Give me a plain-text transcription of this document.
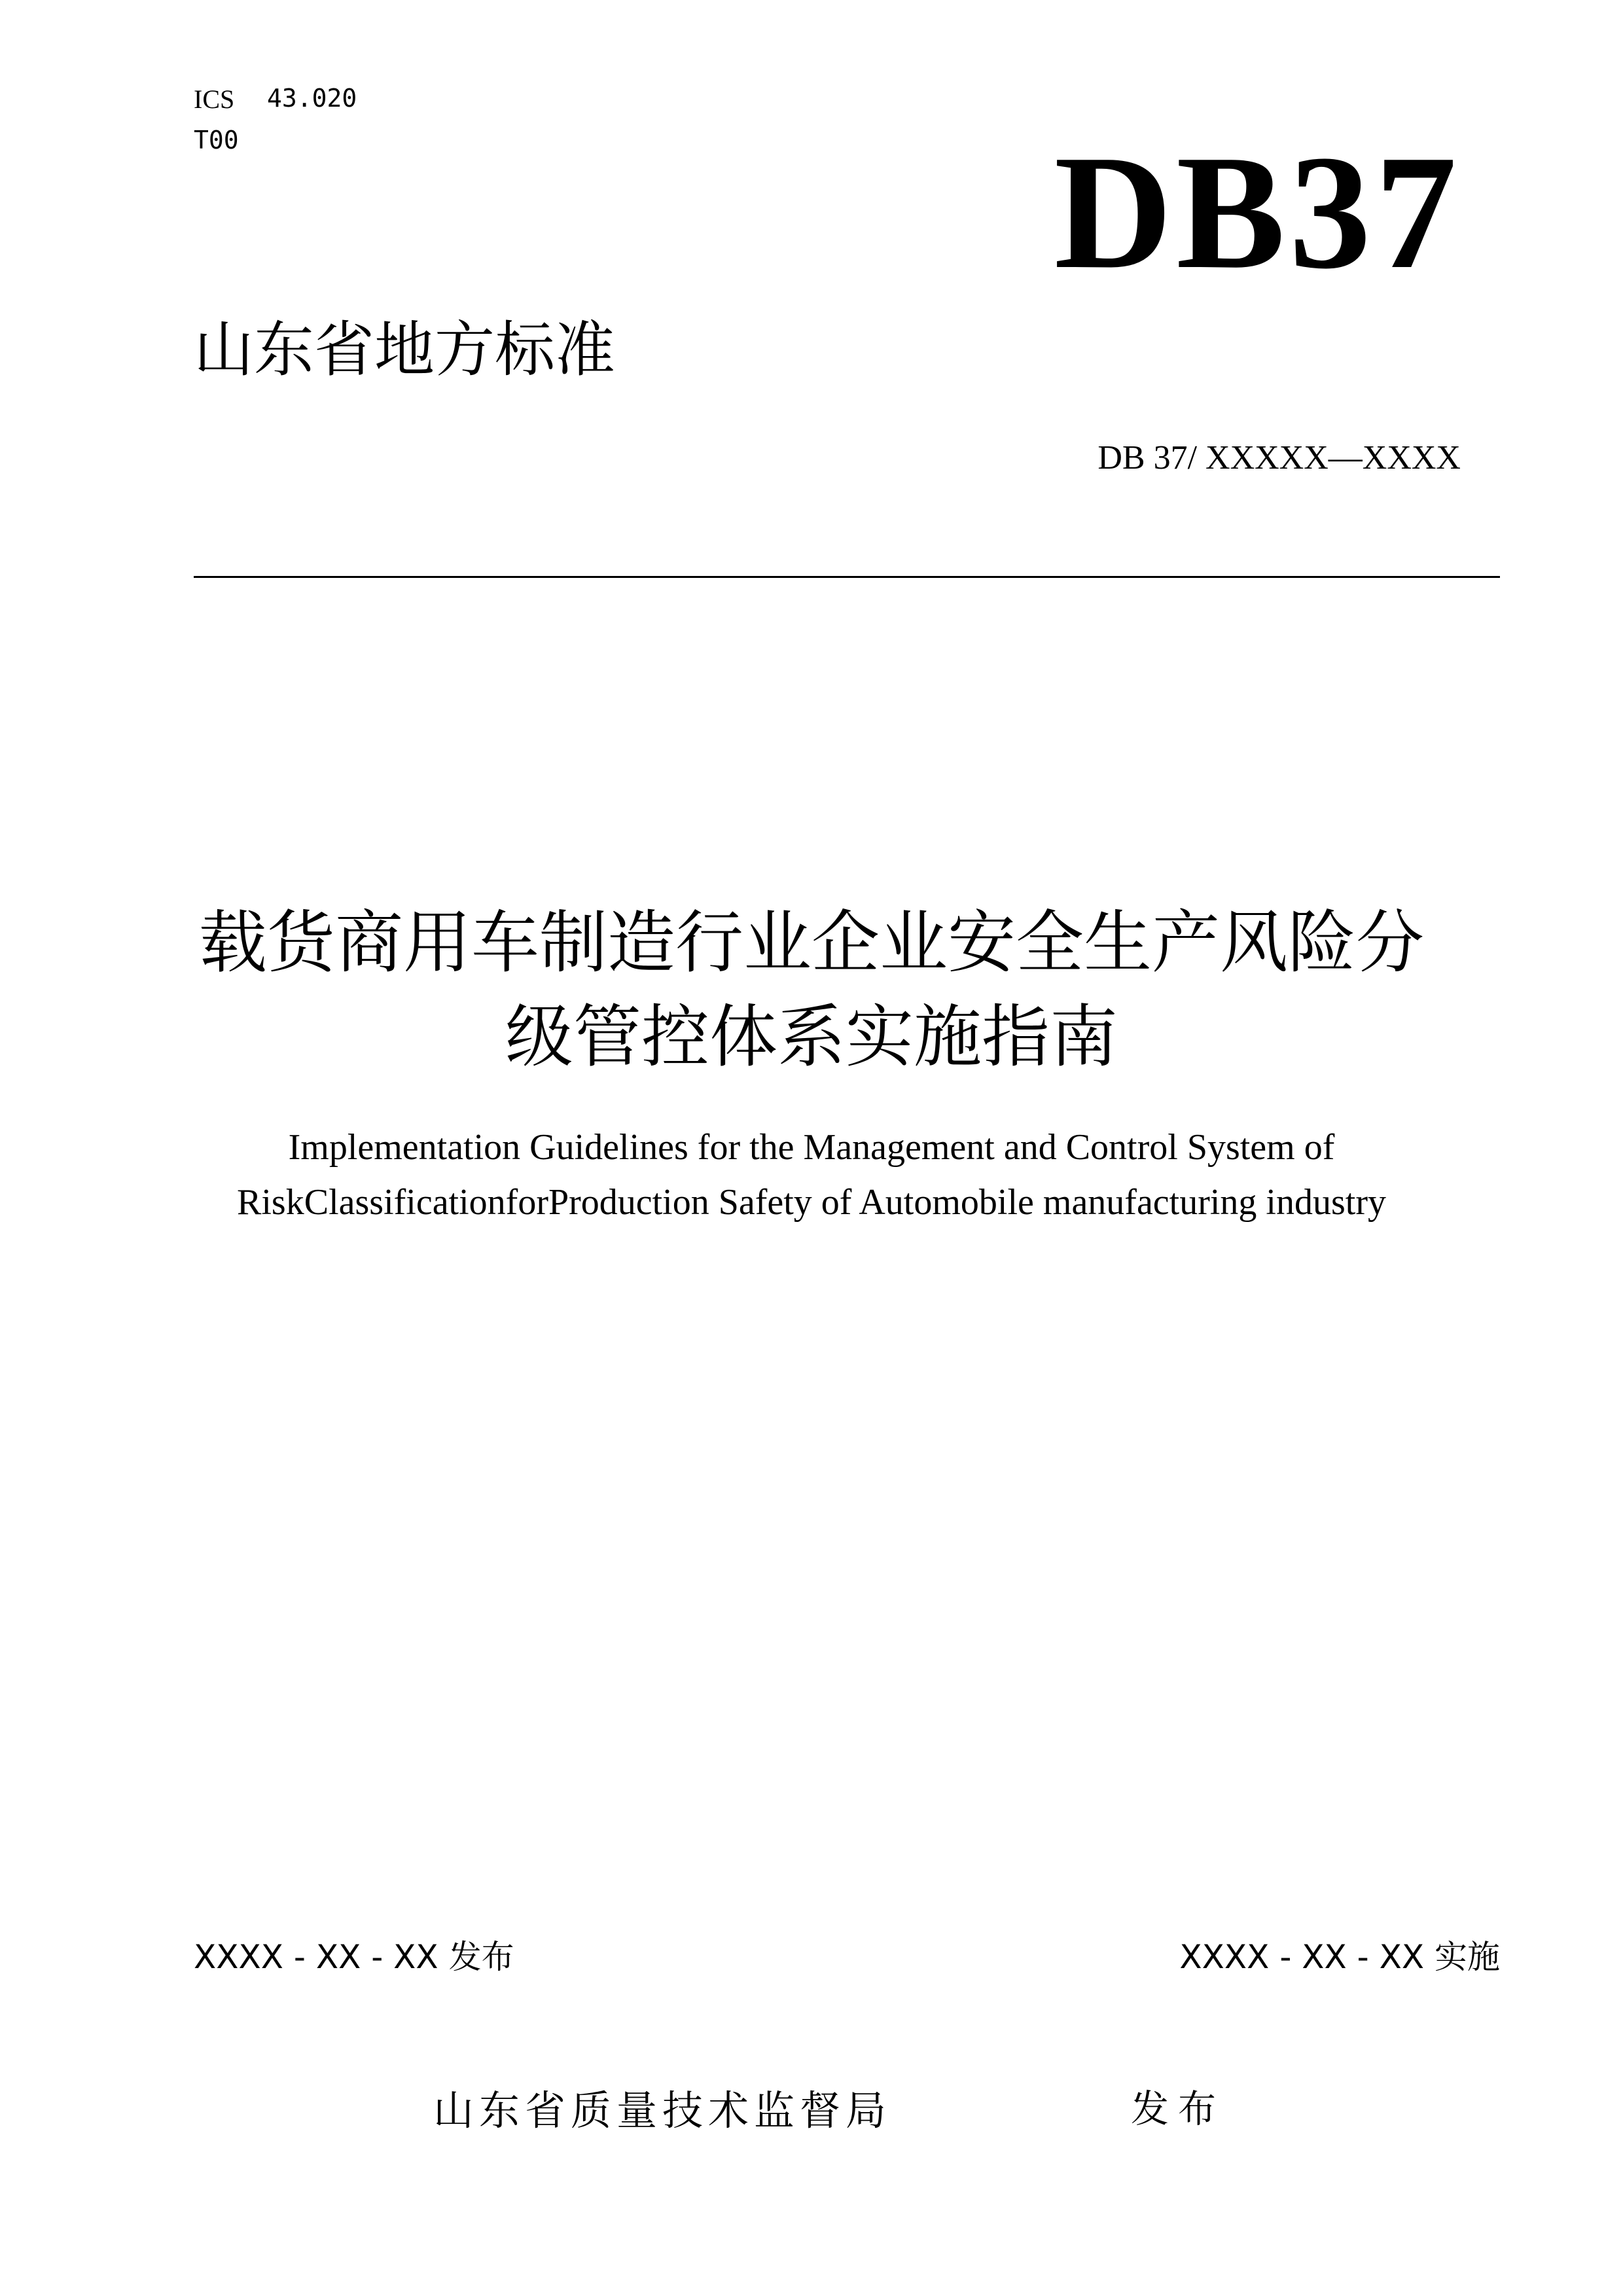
ICS 43.020
T00	DB37
山东省地方标准
DB 37/ XXXXX—XXXX
载货商用车制造行业企业安全生产风险分
级管控体系实施指南
Implementation Guidelines for the Management and Control System of
RiskClassificationforProduction Safety of Automobile manufacturing industry
XXXX - XX - XX 发布	XXXX - XX - XX 实施
山东省质量技术监督局	发布
